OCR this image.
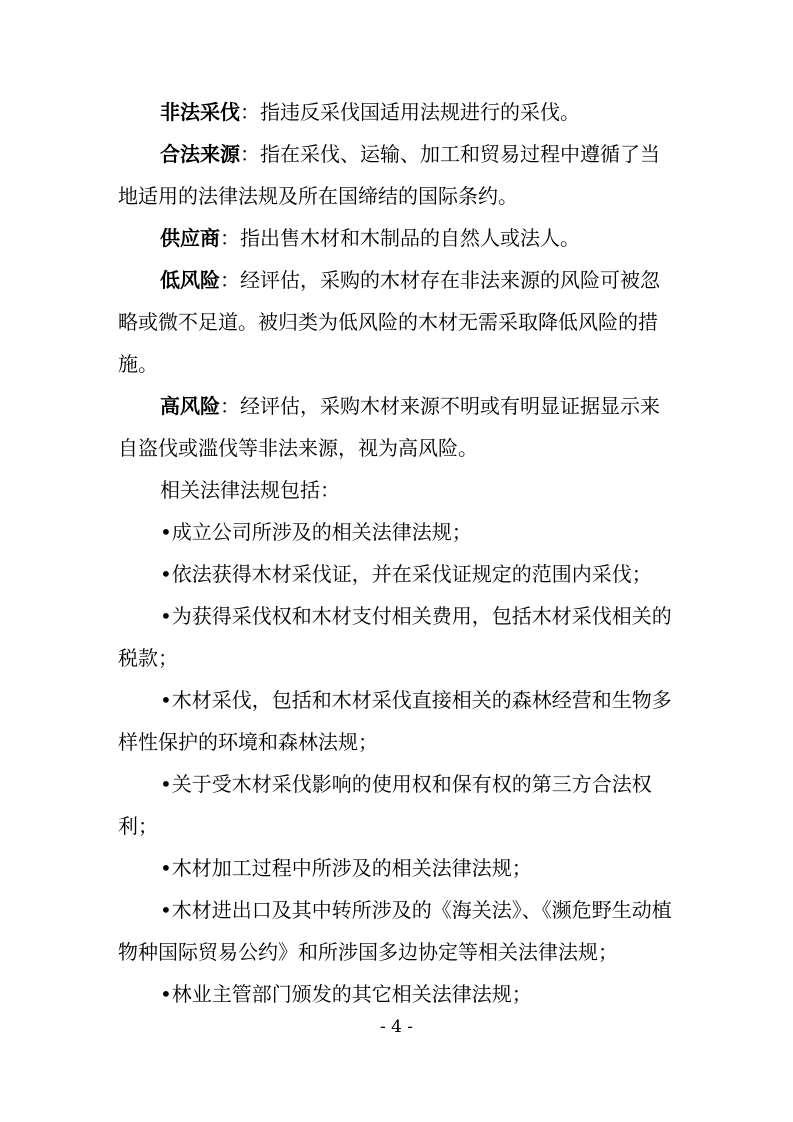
非法采伐：指违反采伐国适用法规进行的采伐。

合法来源：指在采伐、运输、加工和贸易过程中遵循了当地适用的法律法规及所在国缔结的国际条约。

供应商：指出售木材和木制品的自然人或法人。

低风险：经评估，采购的木材存在非法来源的风险可被忽略或微不足道。被归类为低风险的木材无需采取降低风险的措施。

高风险：经评估，采购木材来源不明或有明显证据显示来自盗伐或滥伐等非法来源，视为高风险。

相关法律法规包括：

•成立公司所涉及的相关法律法规；

•依法获得木材采伐证，并在采伐证规定的范围内采伐；

•为获得采伐权和木材支付相关费用，包括木材采伐相关的税款；

•木材采伐，包括和木材采伐直接相关的森林经营和生物多样性保护的环境和森林法规；

•关于受木材采伐影响的使用权和保有权的第三方合法权利；

•木材加工过程中所涉及的相关法律法规；

•木材进出口及其中转所涉及的《海关法》、《濒危野生动植物种国际贸易公约》和所涉国多边协定等相关法律法规；

•林业主管部门颁发的其它相关法律法规；

- 4 -
